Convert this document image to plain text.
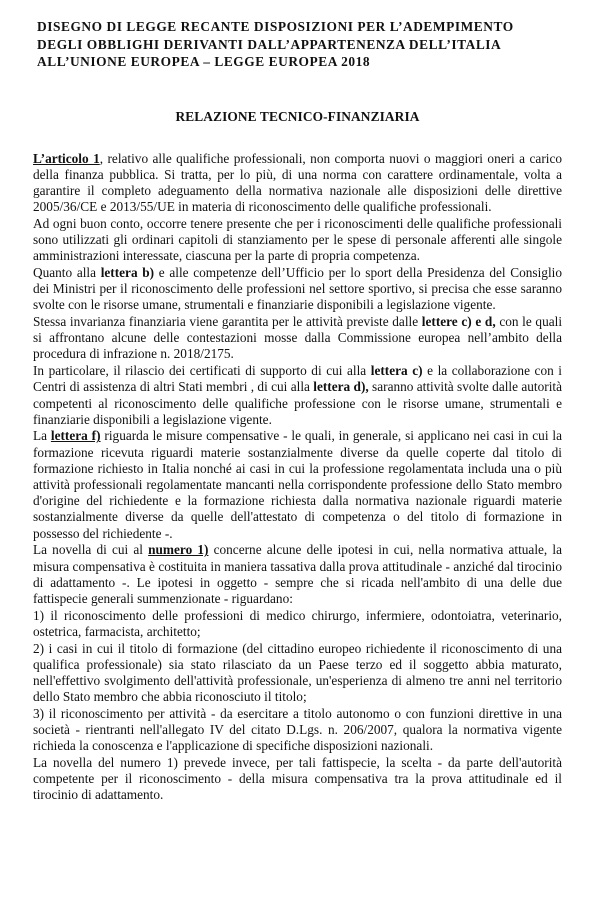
DISEGNO DI LEGGE RECANTE DISPOSIZIONI PER L’ADEMPIMENTO
DEGLI OBBLIGHI DERIVANTI DALL’APPARTENENZA DELL’ITALIA
ALL’UNIONE EUROPEA – LEGGE EUROPEA 2018
RELAZIONE TECNICO-FINANZIARIA

L’articolo 1, relativo alle qualifiche professionali, non comporta nuovi o maggiori oneri a carico della finanza pubblica. Si tratta, per lo più, di una norma con carattere ordinamentale, volta a garantire il completo adeguamento della normativa nazionale alle disposizioni delle direttive 2005/36/CE e 2013/55/UE in materia di riconoscimento delle qualifiche professionali.

Ad ogni buon conto, occorre tenere presente che per i riconoscimenti delle qualifiche professionali sono utilizzati gli ordinari capitoli di stanziamento per le spese di personale afferenti alle singole amministrazioni interessate, ciascuna per la parte di propria competenza.

Quanto alla lettera b) e alle competenze dell’Ufficio per lo sport della Presidenza del Consiglio dei Ministri per il riconoscimento delle professioni nel settore sportivo, si precisa che esse saranno svolte con le risorse umane, strumentali e finanziarie disponibili a legislazione vigente.

Stessa invarianza finanziaria viene garantita per le attività previste dalle lettere c) e d, con le quali si affrontano alcune delle contestazioni mosse dalla Commissione europea nell’ambito della procedura di infrazione n. 2018/2175.

In particolare, il rilascio dei certificati di supporto di cui alla lettera c) e la collaborazione con i Centri di assistenza di altri Stati membri , di cui alla lettera d), saranno attività svolte dalle autorità competenti al riconoscimento delle qualifiche professione con le risorse umane, strumentali e finanziarie disponibili a legislazione vigente.

La lettera f) riguarda le misure compensative - le quali, in generale, si applicano nei casi in cui la formazione ricevuta riguardi materie sostanzialmente diverse da quelle coperte dal titolo di formazione richiesto in Italia nonché ai casi in cui la professione regolamentata includa una o più attività professionali regolamentate mancanti nella corrispondente professione dello Stato membro d'origine del richiedente e la formazione richiesta dalla normativa nazionale riguardi materie sostanzialmente diverse da quelle dell'attestato di competenza o del titolo di formazione in possesso del richiedente -.

La novella di cui al numero 1) concerne alcune delle ipotesi in cui, nella normativa attuale, la misura compensativa è costituita in maniera tassativa dalla prova attitudinale - anziché dal tirocinio di adattamento -. Le ipotesi in oggetto - sempre che si ricada nell'ambito di una delle due fattispecie generali summenzionate - riguardano:

1) il riconoscimento delle professioni di medico chirurgo, infermiere, odontoiatra, veterinario, ostetrica, farmacista, architetto;

2) i casi in cui il titolo di formazione (del cittadino europeo richiedente il riconoscimento di una qualifica professionale) sia stato rilasciato da un Paese terzo ed il soggetto abbia maturato, nell'effettivo svolgimento dell'attività professionale, un'esperienza di almeno tre anni nel territorio dello Stato membro che abbia riconosciuto il titolo;

3) il riconoscimento per attività - da esercitare a titolo autonomo o con funzioni direttive in una società - rientranti nell'allegato IV del citato D.Lgs. n. 206/2007, qualora la normativa vigente richieda la conoscenza e l'applicazione di specifiche disposizioni nazionali.

La novella del numero 1) prevede invece, per tali fattispecie, la scelta - da parte dell'autorità competente per il riconoscimento - della misura compensativa tra la prova attitudinale ed il tirocinio di adattamento.
